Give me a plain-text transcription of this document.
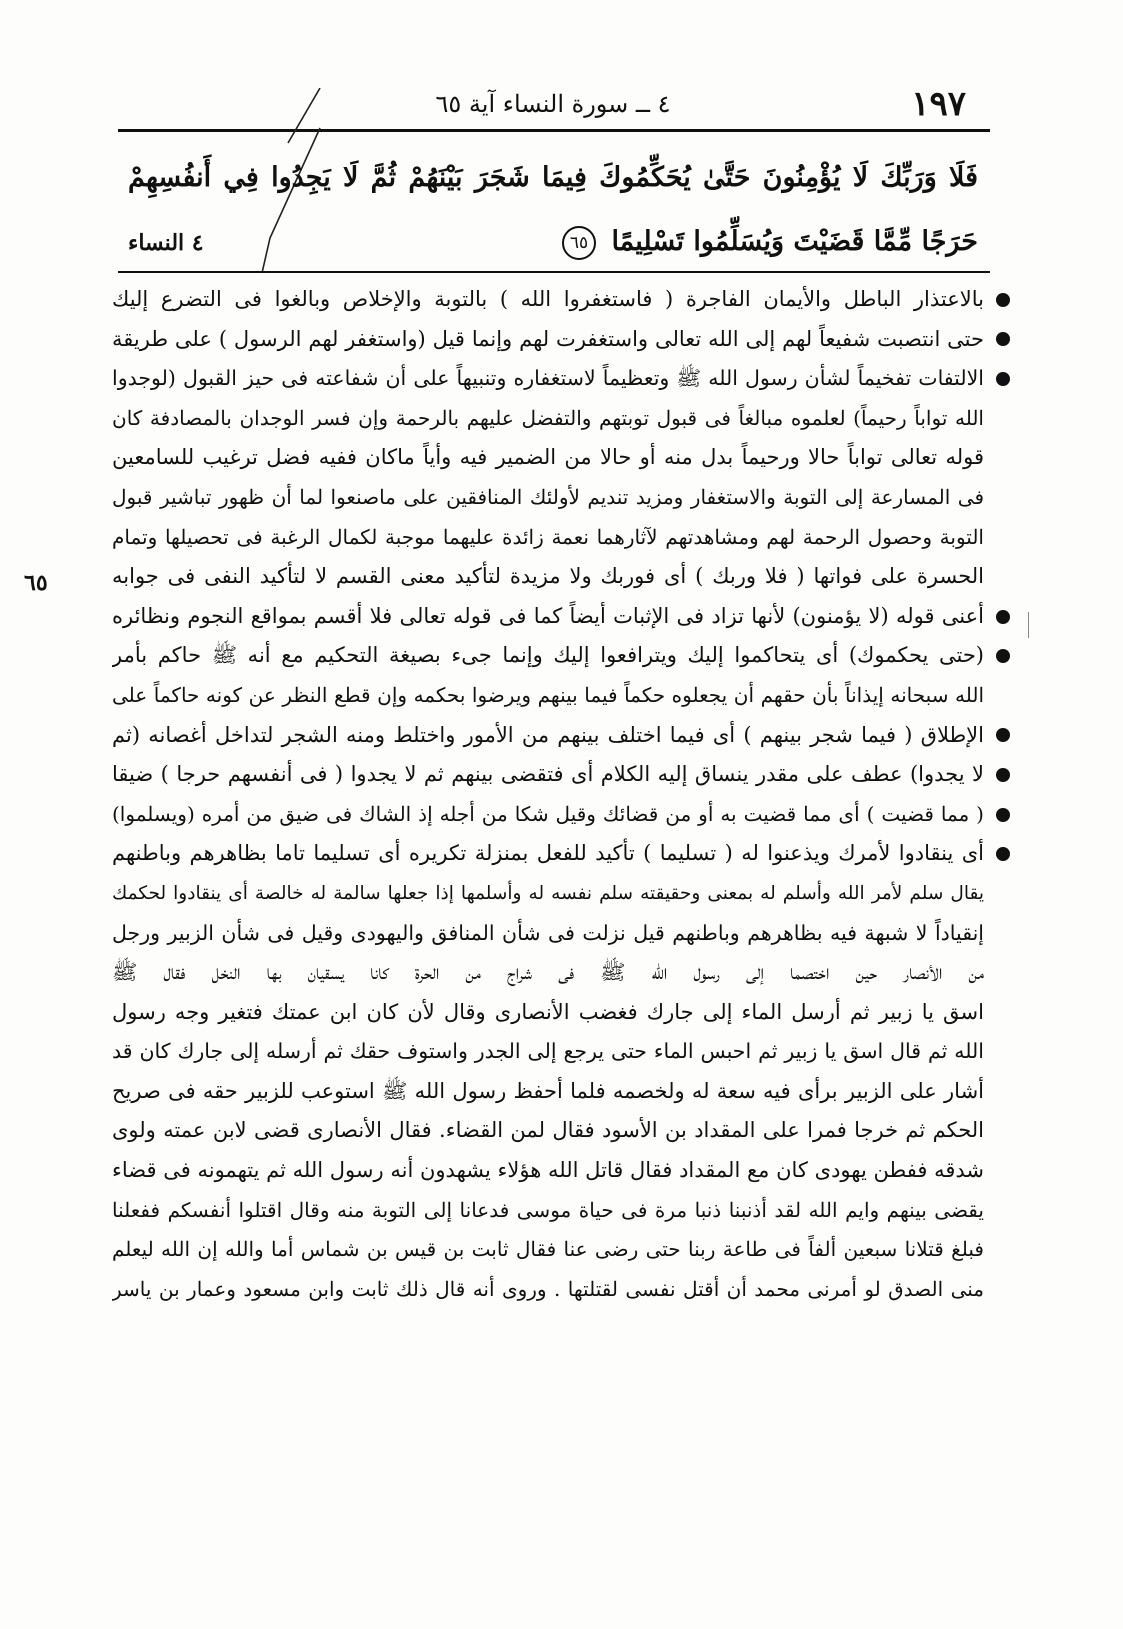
١٩٧
٤ ــ سورة النساء آية ٦٥
فَلَا وَرَبِّكَ لَا يُؤْمِنُونَ حَتَّىٰ يُحَكِّمُوكَ فِيمَا شَجَرَ بَيْنَهُمْ ثُمَّ لَا يَجِدُوا فِي أَنفُسِهِمْ حَرَجًا مِّمَّا قَضَيْتَ وَيُسَلِّمُوا تَسْلِيمًا ٦٥
٤ النساء
٦٥
بالاعتذار الباطل والأيمان الفاجرة ( فاستغفروا الله ) بالتوبة والإخلاص وبالغوا فى التضرع إليك
حتى انتصبت شفيعاً لهم إلى الله تعالى واستغفرت لهم وإنما قيل (واستغفر لهم الرسول ) على طريقة
الالتفات تفخيماً لشأن رسول الله ﷺ وتعظيماً لاستغفاره وتنبيهاً على أن شفاعته فى حيز القبول (لوجدوا
الله تواباً رحيماً) لعلموه مبالغاً فى قبول توبتهم والتفضل عليهم بالرحمة وإن فسر الوجدان بالمصادفة كان
قوله تعالى تواباً حالا ورحيماً بدل منه أو حالا من الضمير فيه وأياً ماكان ففيه فضل ترغيب للسامعين
فى المسارعة إلى التوبة والاستغفار ومزيد تنديم لأولئك المنافقين على ماصنعوا لما أن ظهور تباشير قبول
التوبة وحصول الرحمة لهم ومشاهدتهم لآثارهما نعمة زائدة عليهما موجبة لكمال الرغبة فى تحصيلها وتمام
الحسرة على فواتها ( فلا وربك ) أى فوربك ولا مزيدة لتأكيد معنى القسم لا لتأكيد النفى فى جوابه
أعنى قوله (لا يؤمنون) لأنها تزاد فى الإثبات أيضاً كما فى قوله تعالى فلا أقسم بمواقع النجوم ونظائره
(حتى يحكموك) أى يتحاكموا إليك ويترافعوا إليك وإنما جىء بصيغة التحكيم مع أنه ﷺ حاكم بأمر
الله سبحانه إيذاناً بأن حقهم أن يجعلوه حكماً فيما بينهم ويرضوا بحكمه وإن قطع النظر عن كونه حاكماً على
الإطلاق ( فيما شجر بينهم ) أى فيما اختلف بينهم من الأمور واختلط ومنه الشجر لتداخل أغصانه (ثم
لا يجدوا) عطف على مقدر ينساق إليه الكلام أى فتقضى بينهم ثم لا يجدوا ( فى أنفسهم حرجا ) ضيقا
( مما قضيت ) أى مما قضيت به أو من قضائك وقيل شكا من أجله إذ الشاك فى ضيق من أمره (ويسلموا)
أى ينقادوا لأمرك ويذعنوا له ( تسليما ) تأكيد للفعل بمنزلة تكريره أى تسليما تاما بظاهرهم وباطنهم
يقال سلم لأمر الله وأسلم له بمعنى وحقيقته سلم نفسه له وأسلمها إذا جعلها سالمة له خالصة أى ينقادوا لحكمك
إنقياداً لا شبهة فيه بظاهرهم وباطنهم قيل نزلت فى شأن المنافق واليهودى وقيل فى شأن الزبير ورجل
من الأنصار حين اختصما إلى رسول الله ﷺ فى شراج من الحرة كانا يسقيان بها النخل فقال ﷺ
اسق يا زبير ثم أرسل الماء إلى جارك فغضب الأنصارى وقال لأن كان ابن عمتك فتغير وجه رسول
الله ثم قال اسق يا زبير ثم احبس الماء حتى يرجع إلى الجدر واستوف حقك ثم أرسله إلى جارك كان قد
أشار على الزبير برأى فيه سعة له ولخصمه فلما أحفظ رسول الله ﷺ استوعب للزبير حقه فى صريح
الحكم ثم خرجا فمرا على المقداد بن الأسود فقال لمن القضاء. فقال الأنصارى قضى لابن عمته ولوى
شدقه ففطن يهودى كان مع المقداد فقال قاتل الله هؤلاء يشهدون أنه رسول الله ثم يتهمونه فى قضاء
يقضى بينهم وايم الله لقد أذنبنا ذنبا مرة فى حياة موسى فدعانا إلى التوبة منه وقال اقتلوا أنفسكم ففعلنا
فبلغ قتلانا سبعين ألفاً فى طاعة ربنا حتى رضى عنا فقال ثابت بن قيس بن شماس أما والله إن الله ليعلم
منى الصدق لو أمرنى محمد أن أقتل نفسى لقتلتها . وروى أنه قال ذلك ثابت وابن مسعود وعمار بن ياسر
